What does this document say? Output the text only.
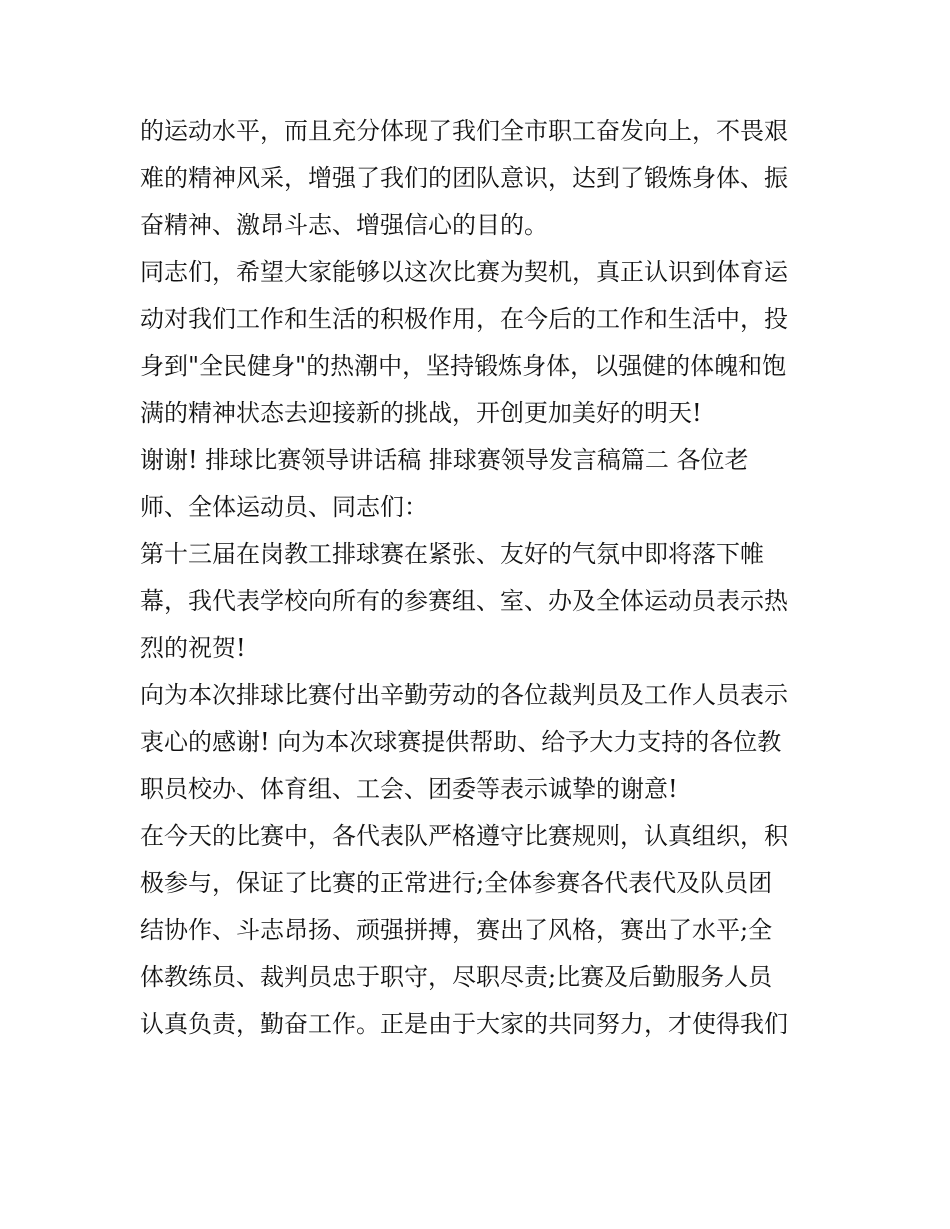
的运动水平，而且充分体现了我们全市职工奋发向上，不畏艰
难的精神风采，增强了我们的团队意识，达到了锻炼身体、振
奋精神、激昂斗志、增强信心的目的。
同志们，希望大家能够以这次比赛为契机，真正认识到体育运
动对我们工作和生活的积极作用，在今后的工作和生活中，投
身到"全民健身"的热潮中，坚持锻炼身体，以强健的体魄和饱
满的精神状态去迎接新的挑战，开创更加美好的明天!
谢谢! 排球比赛领导讲话稿 排球赛领导发言稿篇二 各位老
师、全体运动员、同志们：
第十三届在岗教工排球赛在紧张、友好的气氛中即将落下帷
幕，我代表学校向所有的参赛组、室、办及全体运动员表示热
烈的祝贺!
向为本次排球比赛付出辛勤劳动的各位裁判员及工作人员表示
衷心的感谢! 向为本次球赛提供帮助、给予大力支持的各位教
职员校办、体育组、工会、团委等表示诚挚的谢意!
在今天的比赛中，各代表队严格遵守比赛规则，认真组织，积
极参与，保证了比赛的正常进行;全体参赛各代表代及队员团
结协作、斗志昂扬、顽强拼搏，赛出了风格，赛出了水平;全
体教练员、裁判员忠于职守，尽职尽责;比赛及后勤服务人员
认真负责，勤奋工作。正是由于大家的共同努力，才使得我们
